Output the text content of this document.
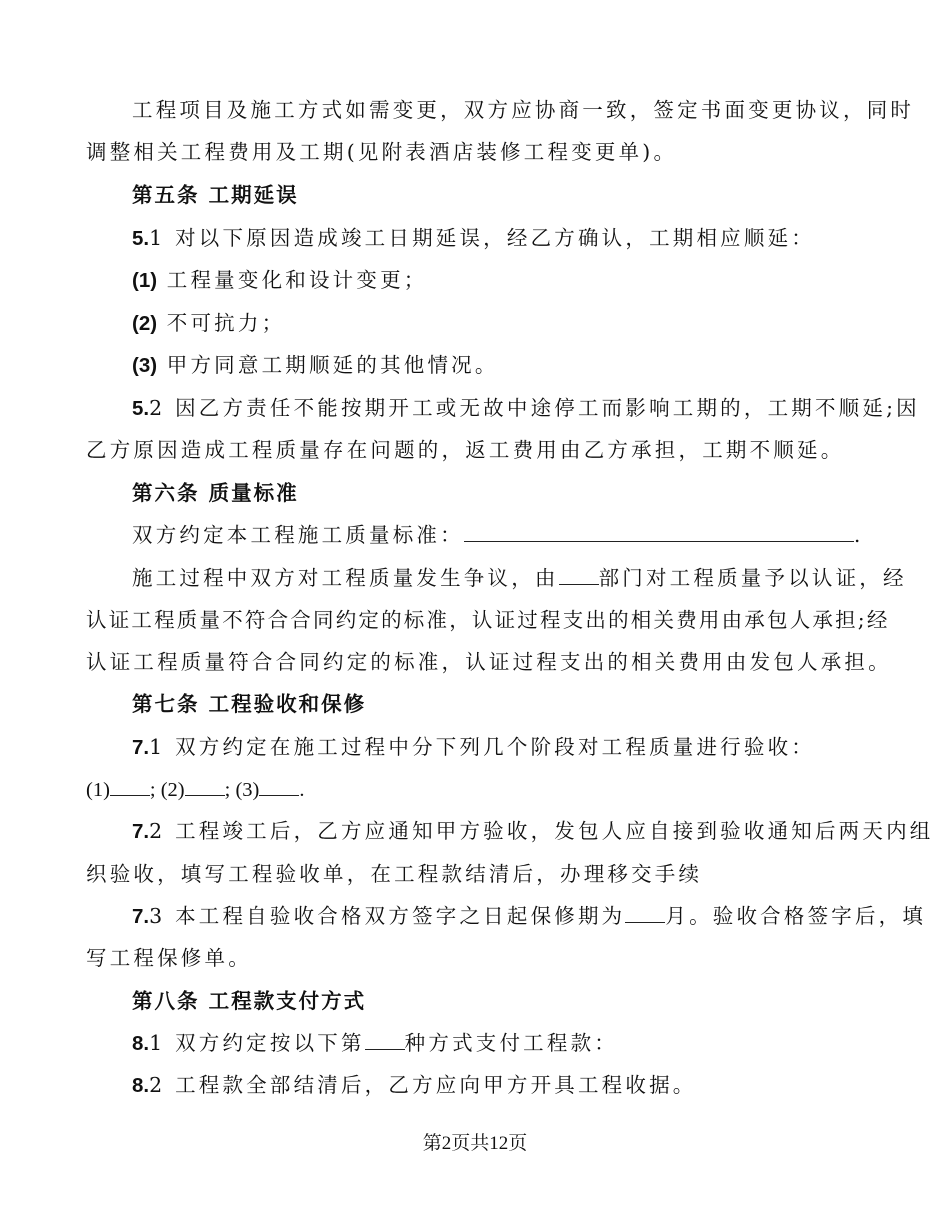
工程项目及施工方式如需变更，双方应协商一致，签定书面变更协议，同时
调整相关工程费用及工期(见附表酒店装修工程变更单)。
第五条 工期延误
5.1 对以下原因造成竣工日期延误，经乙方确认，工期相应顺延：
(1) 工程量变化和设计变更；
(2) 不可抗力；
(3) 甲方同意工期顺延的其他情况。
5.2 因乙方责任不能按期开工或无故中途停工而影响工期的，工期不顺延;因
乙方原因造成工程质量存在问题的，返工费用由乙方承担，工期不顺延。
第六条 质量标准
双方约定本工程施工质量标准：	.
施工过程中双方对工程质量发生争议，由 部门对工程质量予以认证，经
认证工程质量不符合合同约定的标准，认证过程支出的相关费用由承包人承担;经
认证工程质量符合合同约定的标准，认证过程支出的相关费用由发包人承担。
第七条 工程验收和保修
7.1 双方约定在施工过程中分下列几个阶段对工程质量进行验收：
(1) ; (2) ; (3) .
7.2 工程竣工后，乙方应通知甲方验收，发包人应自接到验收通知后两天内组
织验收，填写工程验收单，在工程款结清后，办理移交手续
7.3 本工程自验收合格双方签字之日起保修期为 月。验收合格签字后，填
写工程保修单。
第八条 工程款支付方式
8.1 双方约定按以下第 种方式支付工程款：
8.2 工程款全部结清后，乙方应向甲方开具工程收据。
第2页共12页
